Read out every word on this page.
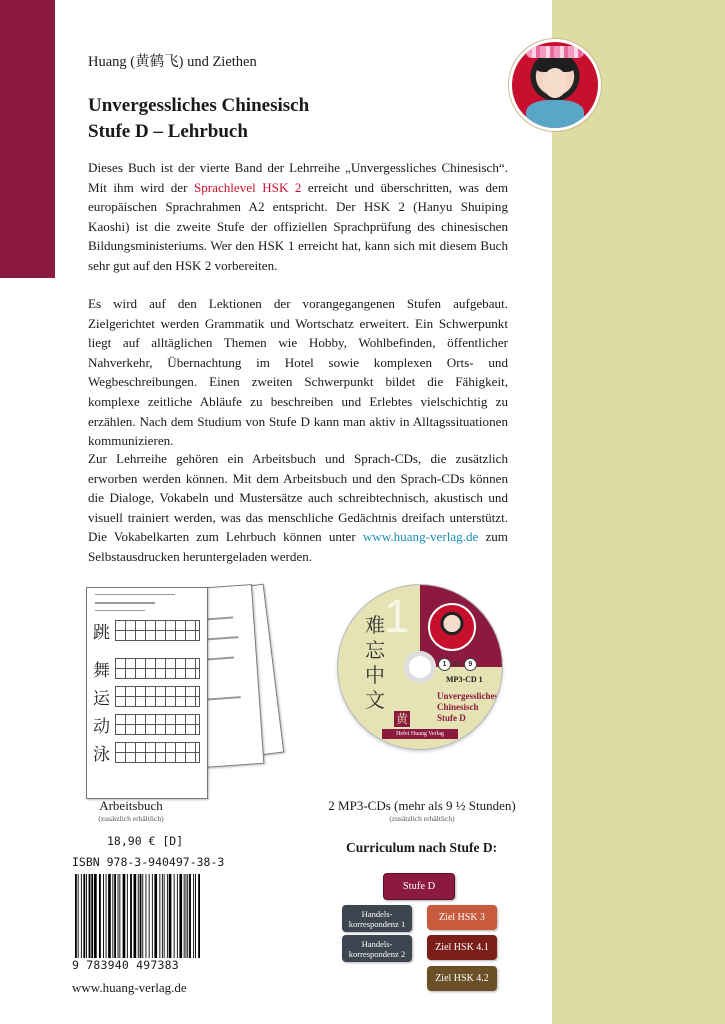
Huang (黄鹤飞) und Ziethen
Unvergessliches Chinesisch
Stufe D – Lehrbuch

Dieses Buch ist der vierte Band der Lehrreihe „Unvergessliches Chinesisch“. Mit ihm wird der Sprachlevel HSK 2 erreicht und überschritten, was dem europäischen Sprachrahmen A2 entspricht. Der HSK 2 (Hanyu Shuiping Kaoshi) ist die zweite Stufe der offiziellen Sprachprüfung des chinesischen Bildungsministeriums. Wer den HSK 1 erreicht hat, kann sich mit diesem Buch sehr gut auf den HSK 2 vorbereiten.

Es wird auf den Lektionen der vorangegangenen Stufen aufgebaut. Zielgerichtet werden Grammatik und Wortschatz erweitert. Ein Schwerpunkt liegt auf alltäglichen Themen wie Hobby, Wohlbefinden, öffentlicher Nahverkehr, Übernachtung im Hotel sowie komplexen Orts- und Wegbeschreibungen. Einen zweiten Schwerpunkt bildet die Fähigkeit, komplexe zeitliche Abläufe zu beschreiben und Erlebtes vielschichtig zu erzählen. Nach dem Studium von Stufe D kann man aktiv in Alltagssituationen kommunizieren.

Zur Lehrreihe gehören ein Arbeitsbuch und Sprach-CDs, die zusätzlich erworben werden können. Mit dem Arbeitsbuch und den Sprach-CDs können die Dialoge, Vokabeln und Mustersätze auch schreibtechnisch, akustisch und visuell trainiert werden, was das menschliche Gedächtnis dreifach unterstützt. Die Vokabelkarten zum Lehrbuch können unter www.huang-verlag.de zum Selbstausdrucken heruntergeladen werden.

跳
舞
运
动
泳
Arbeitsbuch
(zusätzlich erhältlich)
1
难忘中文
1 bis 9
MP3-CD 1
Unvergessliches Chinesisch Stufe D
黄
Hefei Huang Verlag
2 MP3-CDs (mehr als 9 ½ Stunden)
(zusätzlich erhältlich)
18,90 € [D]
ISBN 978-3-940497-38-3
9 783940 497383
www.huang-verlag.de
Curriculum nach Stufe D:
Stufe D
Handels-korrespondenz 1
Ziel HSK 3
Handels-korrespondenz 2
Ziel HSK 4.1
Ziel HSK 4.2
